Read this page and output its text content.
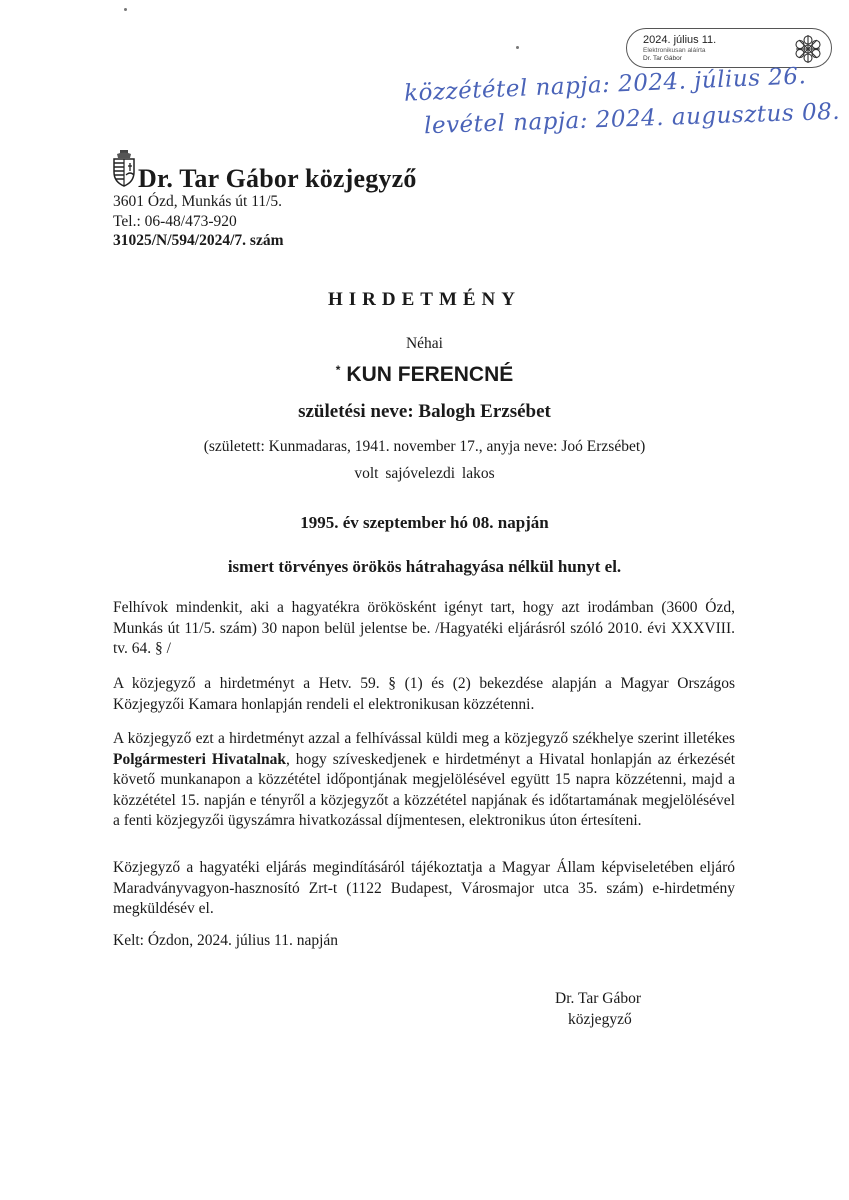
2024. július 11.
Elektronikusan aláírta
Dr. Tar Gábor
közzététel napja: 2024. július 26.
levétel napja: 2024. augusztus 08.
Dr. Tar Gábor közjegyző
3601 Ózd, Munkás út 11/5.
Tel.: 06-48/473-920
31025/N/594/2024/7. szám
HIRDETMÉNY
Néhai
* KUN FERENCNÉ
születési neve: Balogh Erzsébet
(született: Kunmadaras, 1941. november 17., anyja neve: Joó Erzsébet)
volt sajóvelezdi lakos
1995. év szeptember hó 08. napján
ismert törvényes örökös hátrahagyása nélkül hunyt el.
Felhívok mindenkit, aki a hagyatékra örökösként igényt tart, hogy azt irodámban (3600 Ózd, Munkás út 11/5. szám) 30 napon belül jelentse be. /Hagyatéki eljárásról szóló 2010. évi XXXVIII. tv. 64. § /
A közjegyző a hirdetményt a Hetv. 59. § (1) és (2) bekezdése alapján a Magyar Országos Közjegyzői Kamara honlapján rendeli el elektronikusan közzétenni.
A közjegyző ezt a hirdetményt azzal a felhívással küldi meg a közjegyző székhelye szerint illetékes Polgármesteri Hivatalnak, hogy szíveskedjenek e hirdetményt a Hivatal honlapján az érkezését követő munkanapon a közzététel időpontjának megjelölésével együtt 15 napra közzétenni, majd a közzététel 15. napján e tényről a közjegyzőt a közzététel napjának és időtartamának megjelölésével a fenti közjegyzői ügyszámra hivatkozással díjmentesen, elektronikus úton értesíteni.
Közjegyző a hagyatéki eljárás megindításáról tájékoztatja a Magyar Állam képviseletében eljáró Maradványvagyon-hasznosító Zrt-t (1122 Budapest, Városmajor utca 35. szám) e-hirdetmény megküldésév el.
Kelt: Ózdon, 2024. július 11. napján
Dr. Tar Gábor
közjegyző
